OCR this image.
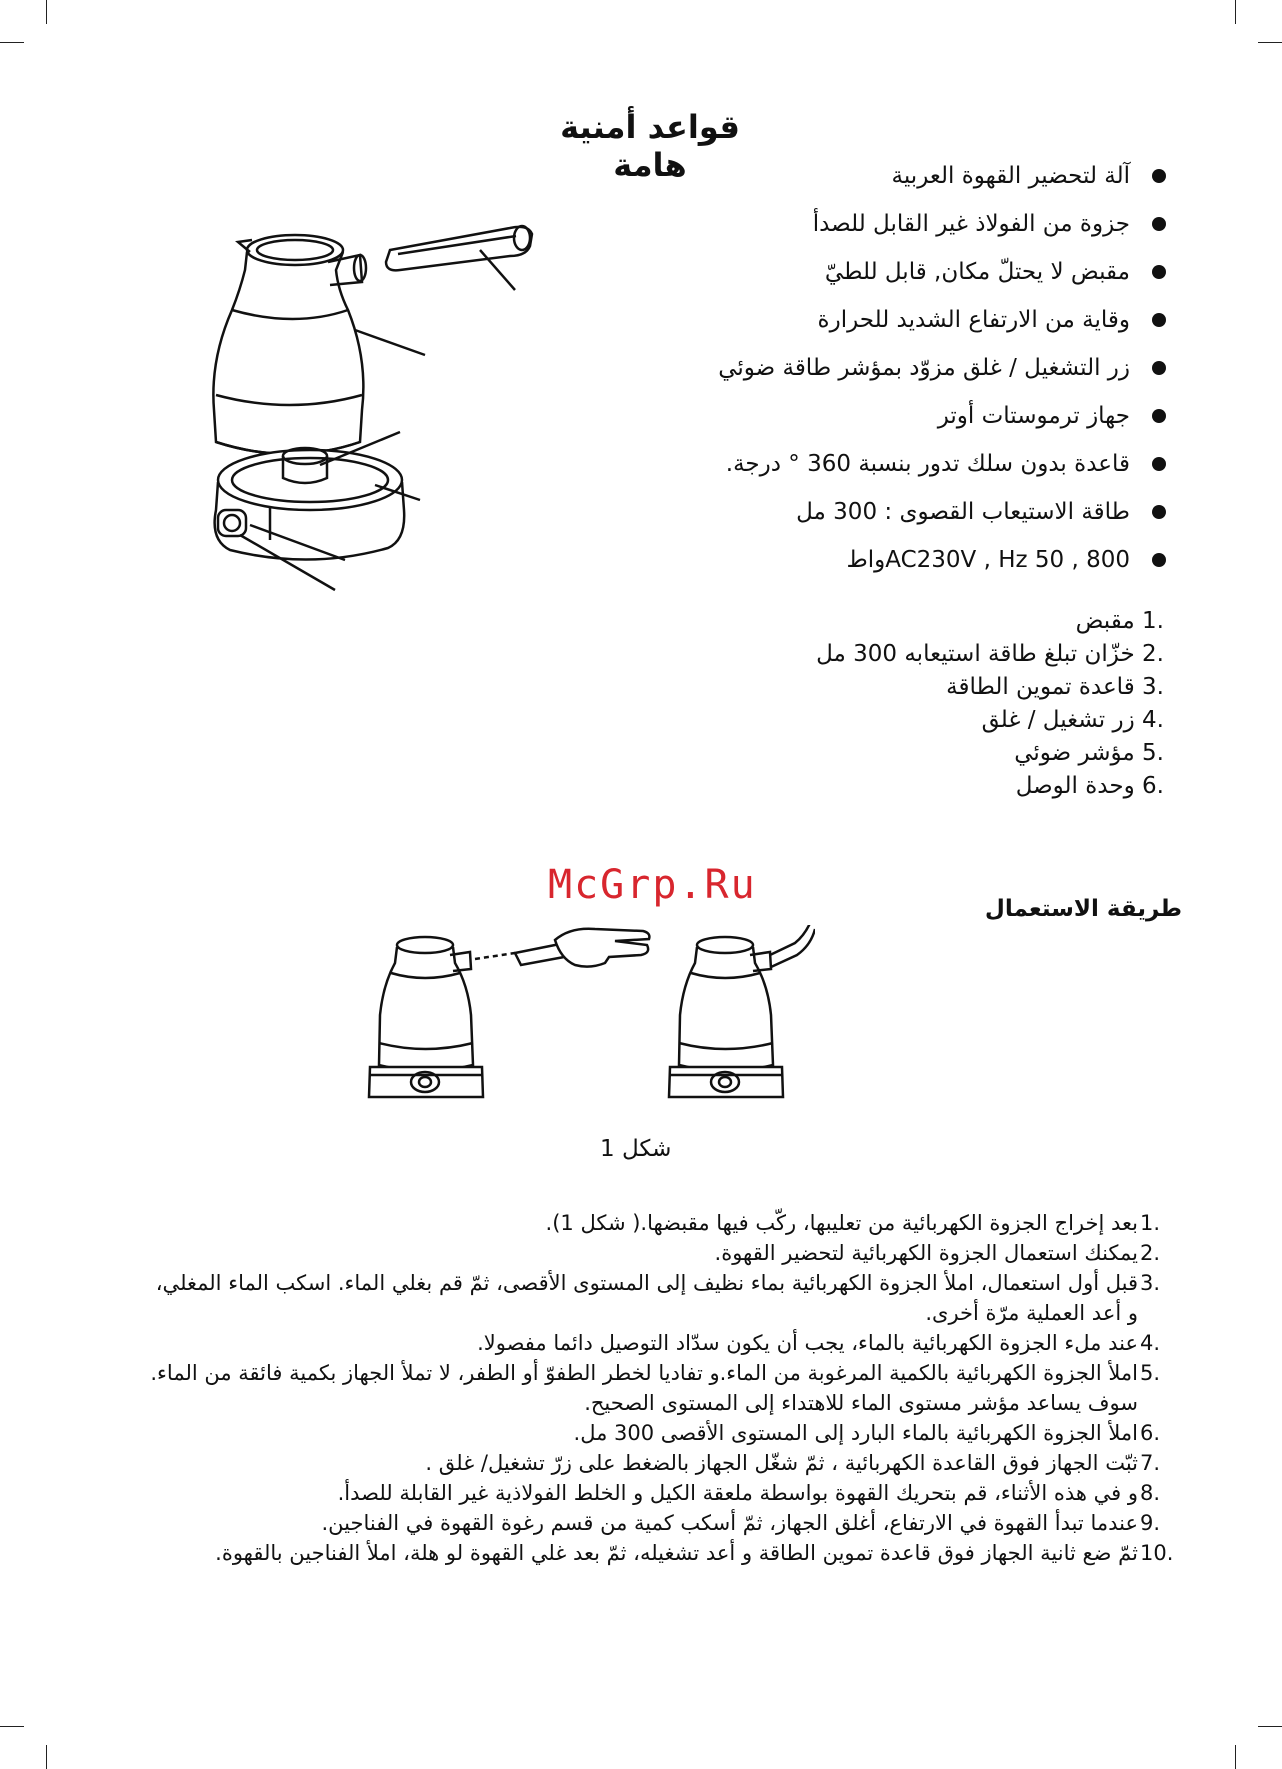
قواعد أمنية هامة	آلة لتحضير القهوة العربية
جزوة من الفولاذ غير القابل للصدأ
مقبض لا يحتلّ مكان, قابل للطيّ
وقاية من الارتفاع الشديد للحرارة
زر التشغيل / غلق مزوّد بمؤشر طاقة ضوئي
جهاز ترموستات أوتر
قاعدة بدون سلك تدور بنسبة 360 ° درجة.
طاقة الاستيعاب القصوى : 300 مل
AC230V , Hz 50 , 800واط
1. مقبض
2. خزّان تبلغ طاقة استيعابه 300 مل
3. قاعدة تموين الطاقة
4. زر تشغيل / غلق
5. مؤشر ضوئي
6. وحدة الوصل
McGrp.Ru
طريقة الاستعمال
شكل 1
1.
بعد إخراج الجزوة الكهربائية من تعليبها، ركّب فيها مقبضها.( شكل 1).
2.
يمكنك استعمال الجزوة الكهربائية لتحضير القهوة.
3.
قبل أول استعمال، املأ الجزوة الكهربائية بماء نظيف إلى المستوى الأقصى، ثمّ قم بغلي الماء. اسكب الماء المغلي، و أعد العملية مرّة أخرى.
4.
عند ملء الجزوة الكهربائية بالماء، يجب أن يكون سدّاد التوصيل دائما مفصولا.
5.
املأ الجزوة الكهربائية بالكمية المرغوبة من الماء.و تفاديا لخطر الطفوّ أو الطفر، لا تملأ الجهاز بكمية فائقة من الماء. سوف يساعد مؤشر مستوى الماء للاهتداء إلى المستوى الصحيح.
6.
املأ الجزوة الكهربائية بالماء البارد إلى المستوى الأقصى 300 مل.
7.
ثبّت الجهاز فوق القاعدة الكهربائية ، ثمّ شغّل الجهاز بالضغط على زرّ تشغيل/ غلق .
8.
و في هذه الأثناء، قم بتحريك القهوة بواسطة ملعقة الكيل و الخلط الفولاذية غير القابلة للصدأ.
9.
عندما تبدأ القهوة في الارتفاع، أغلق الجهاز، ثمّ أسكب كمية من قسم رغوة القهوة في الفناجين.
10.
ثمّ ضع ثانية الجهاز فوق قاعدة تموين الطاقة و أعد تشغيله، ثمّ بعد غلي القهوة لو هلة، املأ الفناجين بالقهوة.
